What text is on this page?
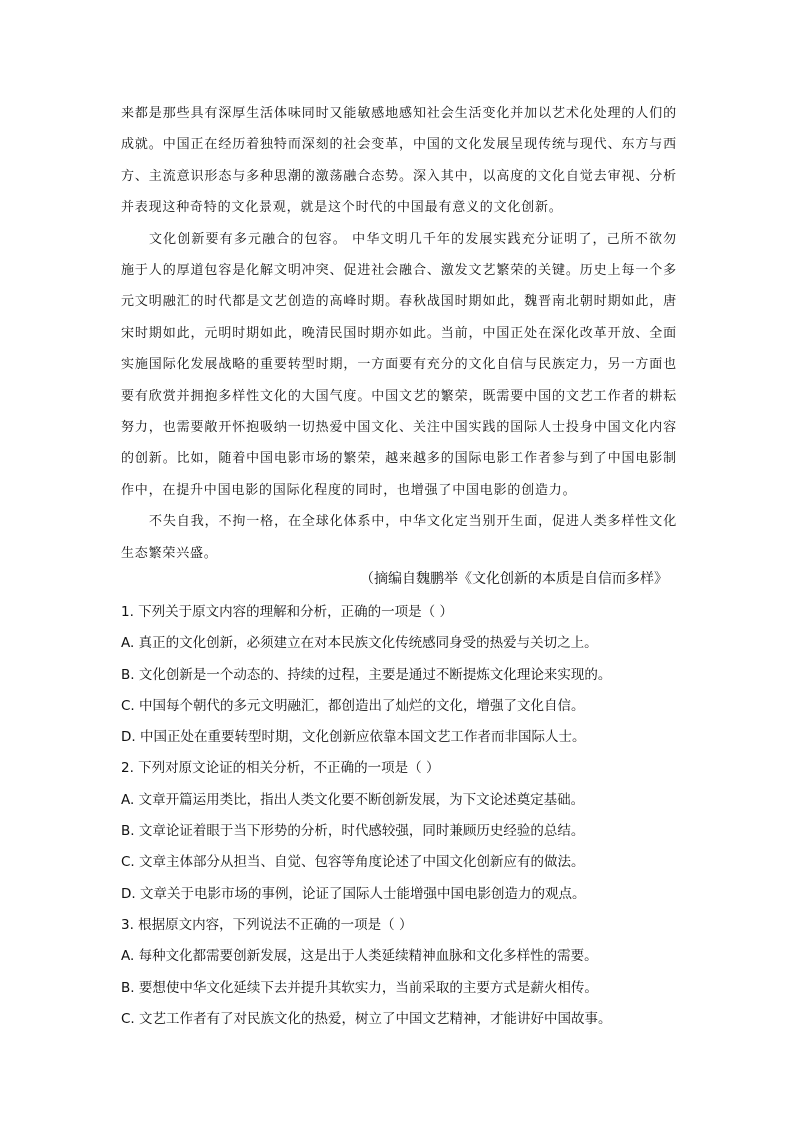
来都是那些具有深厚生活体味同时又能敏感地感知社会生活变化并加以艺术化处理的人们的成就。中国正在经历着独特而深刻的社会变革，中国的文化发展呈现传统与现代、东方与西方、主流意识形态与多种思潮的激荡融合态势。深入其中，以高度的文化自觉去审视、分析并表现这种奇特的文化景观，就是这个时代的中国最有意义的文化创新。

文化创新要有多元融合的包容。 中华文明几千年的发展实践充分证明了，己所不欲勿施于人的厚道包容是化解文明冲突、促进社会融合、激发文艺繁荣的关键。历史上每一个多元文明融汇的时代都是文艺创造的高峰时期。春秋战国时期如此，魏晋南北朝时期如此，唐宋时期如此，元明时期如此，晚清民国时期亦如此。当前，中国正处在深化改革开放、全面实施国际化发展战略的重要转型时期，一方面要有充分的文化自信与民族定力，另一方面也要有欣赏并拥抱多样性文化的大国气度。中国文艺的繁荣，既需要中国的文艺工作者的耕耘努力，也需要敞开怀抱吸纳一切热爱中国文化、关注中国实践的国际人士投身中国文化内容的创新。比如，随着中国电影市场的繁荣，越来越多的国际电影工作者参与到了中国电影制作中，在提升中国电影的国际化程度的同时，也增强了中国电影的创造力。

不失自我，不拘一格，在全球化体系中，中华文化定当别开生面，促进人类多样性文化生态繁荣兴盛。

（摘编自魏鹏举《文化创新的本质是自信而多样》
1. 下列关于原文内容的理解和分析，正确的一项是（ ）
A. 真正的文化创新，必须建立在对本民族文化传统感同身受的热爱与关切之上。
B. 文化创新是一个动态的、持续的过程，主要是通过不断提炼文化理论来实现的。
C. 中国每个朝代的多元文明融汇，都创造出了灿烂的文化，增强了文化自信。
D. 中国正处在重要转型时期，文化创新应依靠本国文艺工作者而非国际人士。
2. 下列对原文论证的相关分析，不正确的一项是（ ）
A. 文章开篇运用类比，指出人类文化要不断创新发展，为下文论述奠定基础。
B. 文章论证着眼于当下形势的分析，时代感较强，同时兼顾历史经验的总结。
C. 文章主体部分从担当、自觉、包容等角度论述了中国文化创新应有的做法。
D. 文章关于电影市场的事例，论证了国际人士能增强中国电影创造力的观点。
3. 根据原文内容，下列说法不正确的一项是（ ）
A. 每种文化都需要创新发展，这是出于人类延续精神血脉和文化多样性的需要。
B. 要想使中华文化延续下去并提升其软实力，当前采取的主要方式是薪火相传。
C. 文艺工作者有了对民族文化的热爱，树立了中国文艺精神，才能讲好中国故事。
